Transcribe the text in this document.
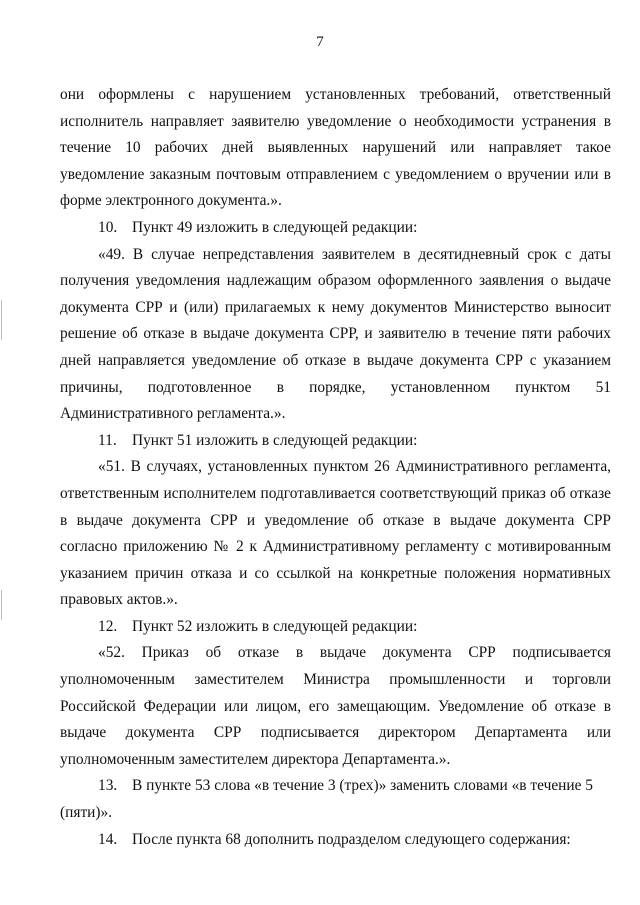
7

они оформлены с нарушением установленных требований, ответственный исполнитель направляет заявителю уведомление о необходимости устранения в течение 10 рабочих дней выявленных нарушений или направляет такое уведомление заказным почтовым отправлением с уведомлением о вручении или в форме электронного документа.».

10. Пункт 49 изложить в следующей редакции:

«49. В случае непредставления заявителем в десятидневный срок с даты получения уведомления надлежащим образом оформленного заявления о выдаче документа СРР и (или) прилагаемых к нему документов Министерство выносит решение об отказе в выдаче документа СРР, и заявителю в течение пяти рабочих дней направляется уведомление об отказе в выдаче документа СРР с указанием причины, подготовленное в порядке, установленном пунктом 51 Административного регламента.».

11. Пункт 51 изложить в следующей редакции:

«51. В случаях, установленных пунктом 26 Административного регламента, ответственным исполнителем подготавливается соответствующий приказ об отказе в выдаче документа СРР и уведомление об отказе в выдаче документа СРР согласно приложению № 2 к Административному регламенту с мотивированным указанием причин отказа и со ссылкой на конкретные положения нормативных правовых актов.».

12. Пункт 52 изложить в следующей редакции:

«52. Приказ об отказе в выдаче документа СРР подписывается уполномоченным заместителем Министра промышленности и торговли Российской Федерации или лицом, его замещающим. Уведомление об отказе в выдаче документа СРР подписывается директором Департамента или уполномоченным заместителем директора Департамента.».

13. В пункте 53 слова «в течение 3 (трех)» заменить словами «в течение 5 (пяти)».

14. После пункта 68 дополнить подразделом следующего содержания:
